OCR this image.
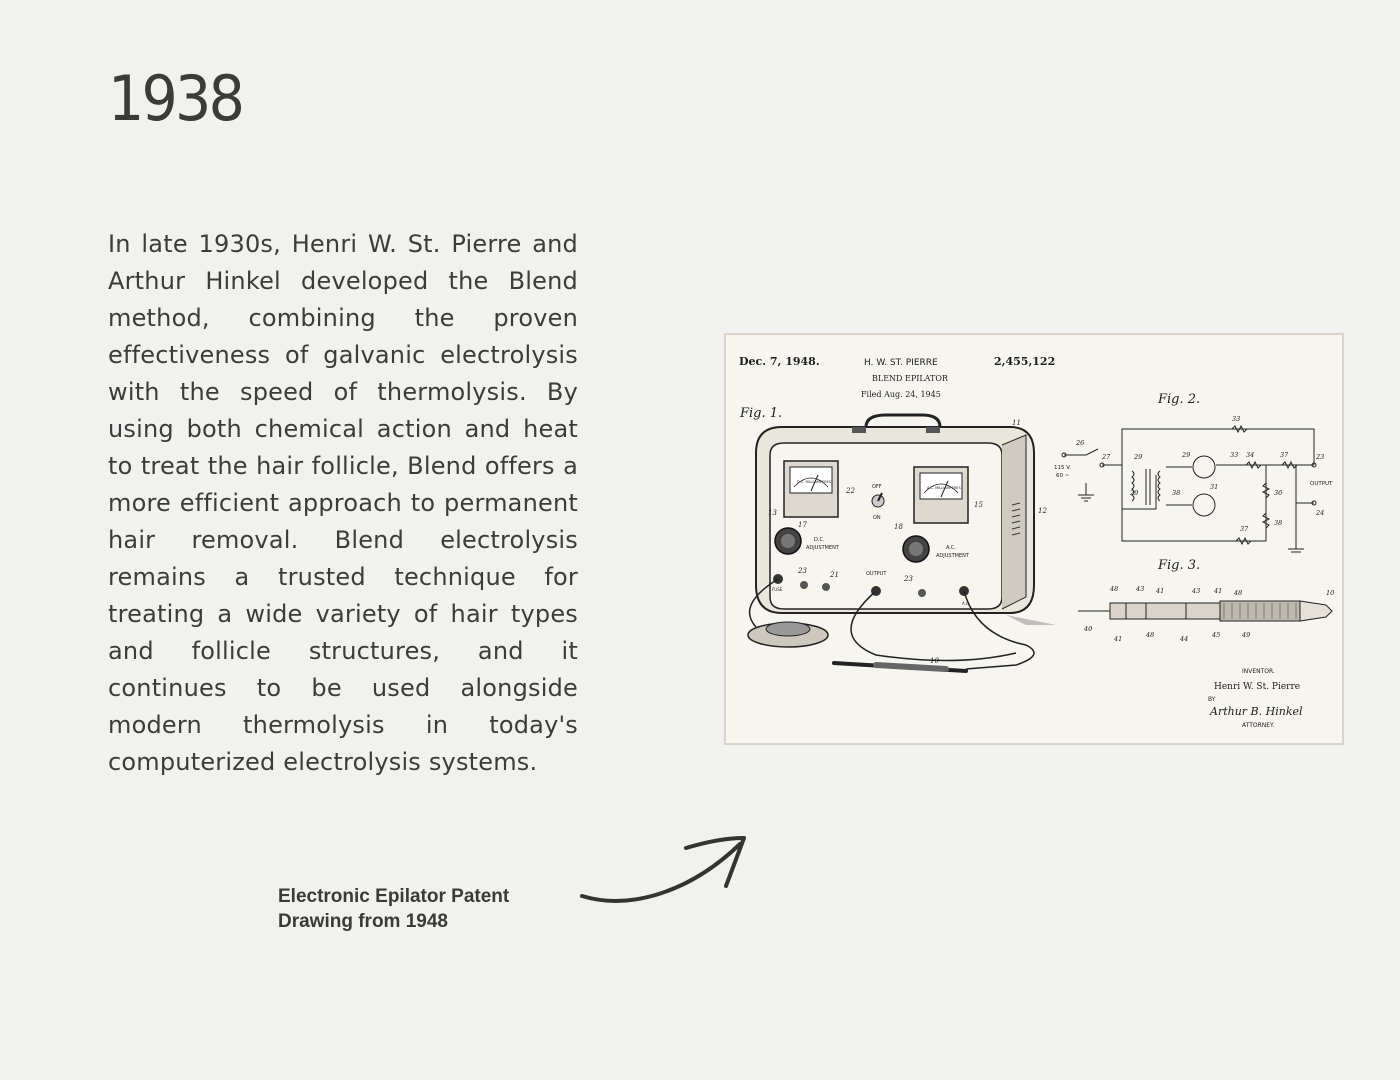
1938

In late 1930s, Henri W. St. Pierre and Arthur Hinkel developed the Blend method, combining the proven effectiveness of galvanic electrolysis with the speed of thermolysis. By using both chemical action and heat to treat the hair follicle, Blend offers a more efficient approach to permanent hair removal. Blend electrolysis remains a trusted technique for treating a wide variety of hair types and follicle structures, and it continues to be used alongside modern thermolysis in today's computerized electrolysis systems.

Electronic Epilator Patent
Drawing from 1948

Dec. 7, 1948.	H. W. ST. PIERRE
BLEND EPILATOR
Filed Aug. 24, 1945
2,455,122
Fig. 1.
Fig. 2.
Fig. 3.
D.C. MILLIAMPERES
A.C. MILLIAMPERES
OFF
ON
D.C.
ADJUSTMENT	A.C.
ADJUSTMENT
FUSE
OUTPUT
A.C.
11
12
13
15
17	18
21
22
23
23
10
26
27	29
29
29
33
33 34	37
37
31
38
38
36
23
24
115 V.
60 ~
OUTPUT
48	43 41	43 41 48	10
40
41	48	44	45	49
INVENTOR.
Henri W. St. Pierre
BY
Arthur B. Hinkel
ATTORNEY.
